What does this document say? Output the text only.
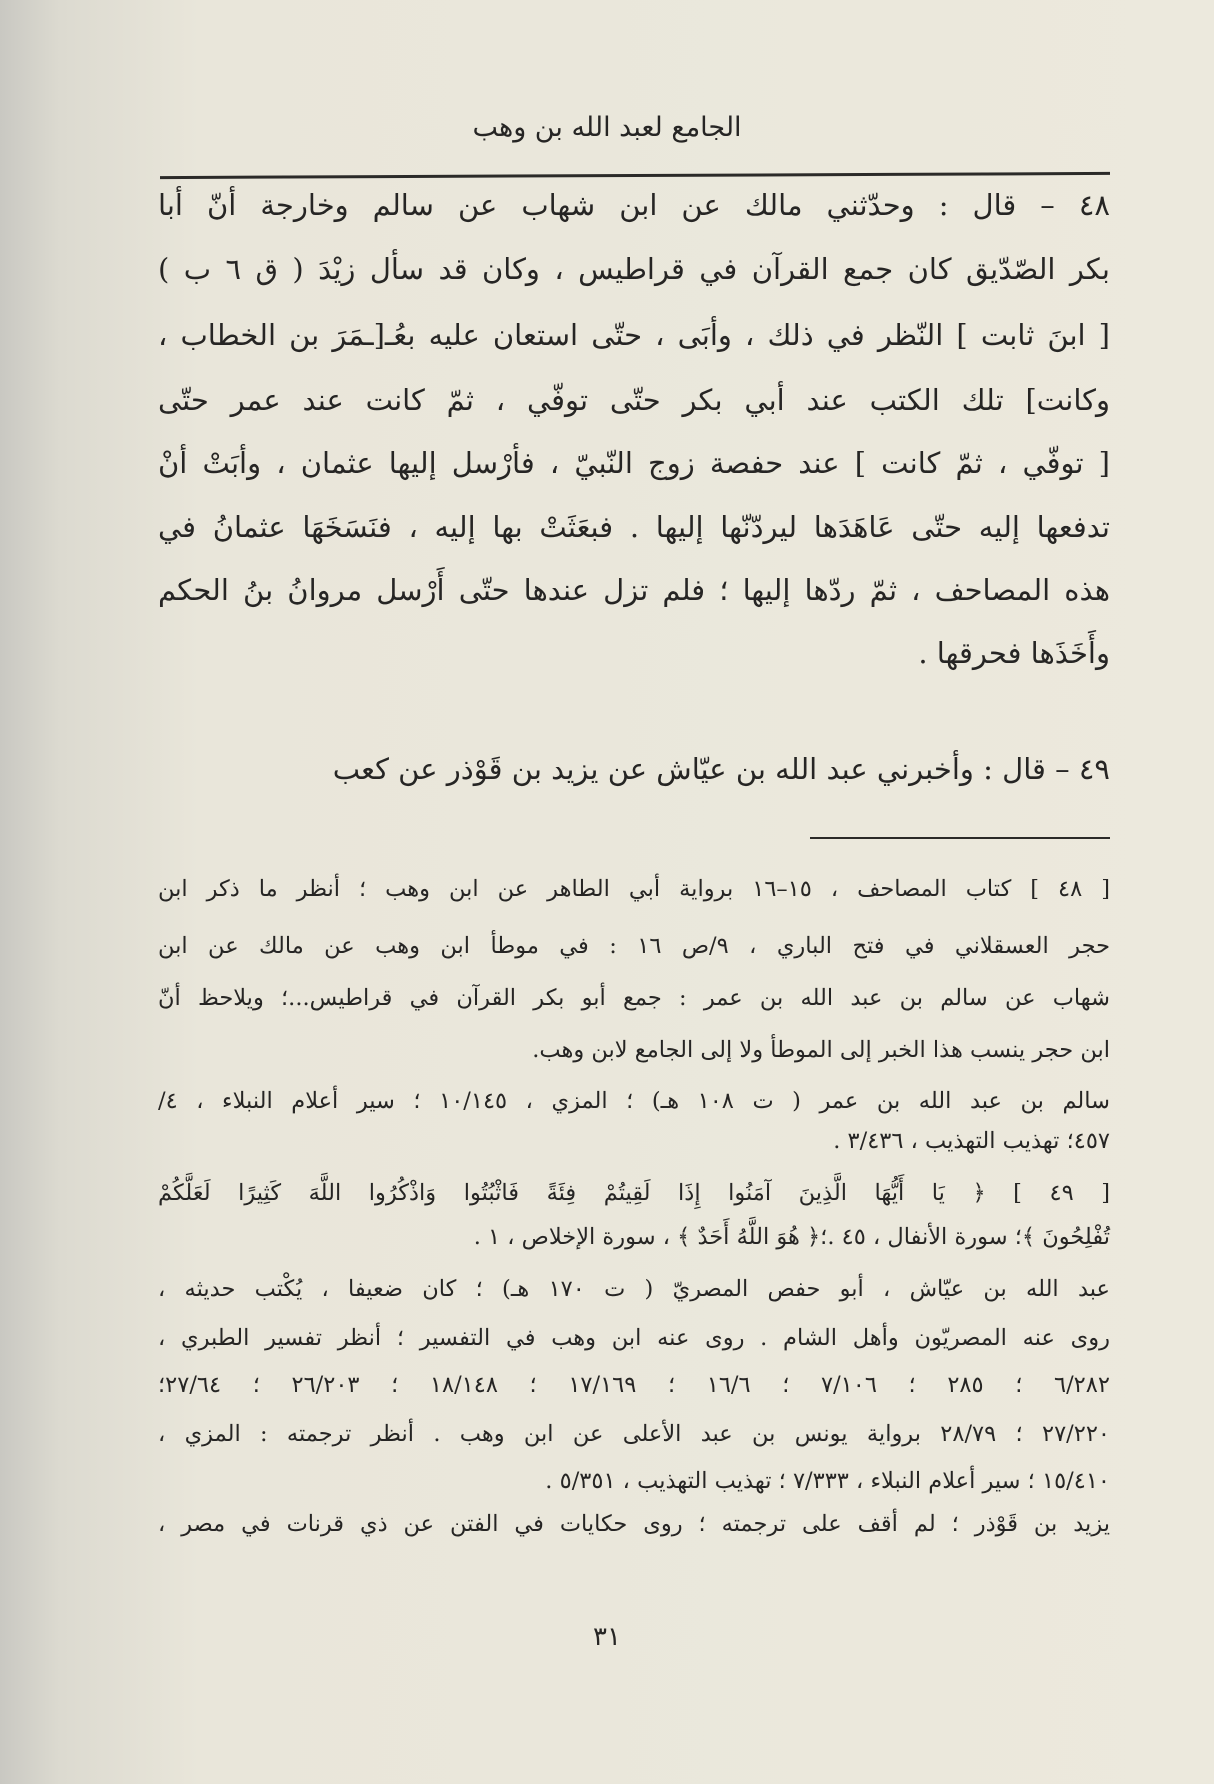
الجامع لعبد الله بن وهب
٤٨ – قال : وحدّثني مالك عن ابن شهاب عن سالم وخارجة أنّ أبا
بكر الصّدّيق كان جمع القرآن في قراطيس ، وكان قد سأل زيْدَ ( ق ٦ ب )
[ ابنَ ثابت ] النّظر في ذلك ، وأبَى ، حتّى استعان عليه بعُـ[ـمَرَ بن الخطاب ،
وكانت] تلك الكتب عند أبي بكر حتّى توفّي ، ثمّ كانت عند عمر حتّى
[ توفّي ، ثمّ كانت ] عند حفصة زوج النّبيّ ، فأرْسل إليها عثمان ، وأبَتْ أنْ
تدفعها إليه حتّى عَاهَدَها ليردّنّها إليها . فبعَثَتْ بها إليه ، فنَسَخَهَا عثمانُ في
هذه المصاحف ، ثمّ ردّها إليها ؛ فلم تزل عندها حتّى أَرْسل مروانُ بنُ الحكم
وأَخَذَها فحرقها .
٤٩ – قال : وأخبرني عبد الله بن عيّاش عن يزيد بن قَوْذر عن كعب
[ ٤٨ ] كتاب المصاحف ، ١٥–١٦ برواية أبي الطاهر عن ابن وهب ؛ أنظر ما ذكر ابن
حجر العسقلاني في فتح الباري ، ٩/ص ١٦ : في موطأ ابن وهب عن مالك عن ابن
شهاب عن سالم بن عبد الله بن عمر : جمع أبو بكر القرآن في قراطيس...؛ ويلاحظ أنّ
ابن حجر ينسب هذا الخبر إلى الموطأ ولا إلى الجامع لابن وهب.
سالم بن عبد الله بن عمر ( ت ١٠٨ هـ) ؛ المزي ، ١٠/١٤٥ ؛ سير أعلام النبلاء ، ٤/
٤٥٧؛ تهذيب التهذيب ، ٣/٤٣٦ .
[ ٤٩ ] ﴿ يَا أَيُّهَا الَّذِينَ آمَنُوا إِذَا لَقِيتُمْ فِئَةً فَاثْبُتُوا وَاذْكُرُوا اللَّهَ كَثِيرًا لَعَلَّكُمْ
تُفْلِحُونَ ﴾؛ سورة الأنفال ، ٤٥ .؛﴿ هُوَ اللَّهُ أَحَدٌ ﴾ ، سورة الإخلاص ، ١ .
عبد الله بن عيّاش ، أبو حفص المصريّ ( ت ١٧٠ هـ) ؛ كان ضعيفا ، يُكْتب حديثه ،
روى عنه المصريّون وأهل الشام . روى عنه ابن وهب في التفسير ؛ أنظر تفسير الطبري ،
٦/٢٨٢ ؛ ٢٨٥ ؛ ٧/١٠٦ ؛ ١٦/٦ ؛ ١٧/١٦٩ ؛ ١٨/١٤٨ ؛ ٢٦/٢٠٣ ؛ ٢٧/٦٤؛
٢٧/٢٢٠ ؛ ٢٨/٧٩ برواية يونس بن عبد الأعلى عن ابن وهب . أنظر ترجمته : المزي ،
١٥/٤١٠ ؛ سير أعلام النبلاء ، ٧/٣٣٣ ؛ تهذيب التهذيب ، ٥/٣٥١ .
يزيد بن قَوْذر ؛ لم أقف على ترجمته ؛ روى حكايات في الفتن عن ذي قرنات في مصر ،
٣١
